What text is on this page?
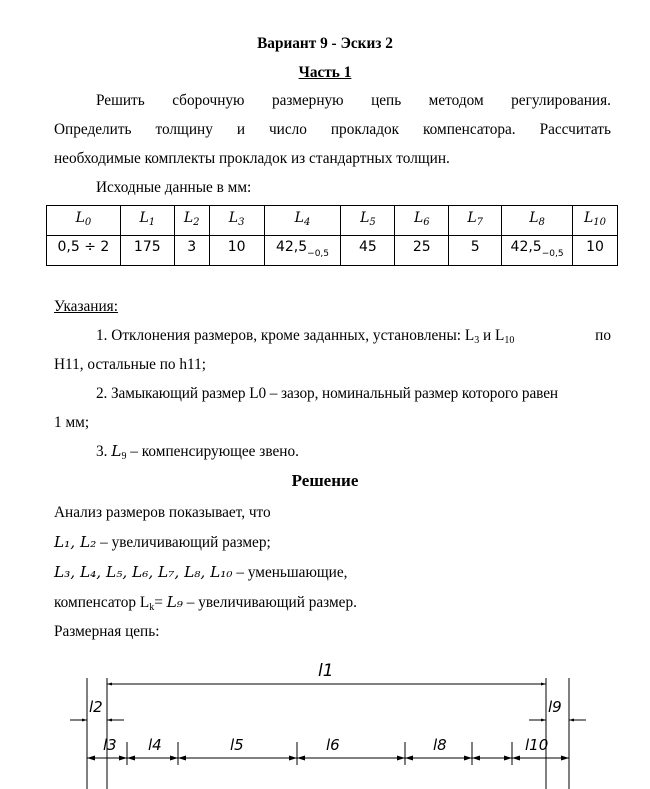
Вариант 9 - Эскиз 2
Часть 1
Решить сборочную размерную цепь методом регулирования.
Определить толщину и число прокладок компенсатора. Рассчитать
необходимые комплекты прокладок из стандартных толщин.
Исходные данные в мм:
$L_0$	$L_1$	$L_2$	$L_3$	$L_4$	$L_5$	$L_6$	$L_7$	$L_8$	$L_{10}$
0,5 ÷ 2	175	3	10	$42,5_{-0,5}$	45	25	5	$42,5_{-0,5}$	10
Указания:
1. Отклонения размеров, кроме заданных, установлены: $L_3$ и $L_{10}$	по
H11, остальные по h11;
2. Замыкающий размер L0 – зазор, номинальный размер которого равен
1 мм;
3. L9 – компенсирующее звено.
Решение
Анализ размеров показывает, что
L₁, L₂ – увеличивающий размер;
L₃, L₄, L₅, L₆, L₇, L₈, L₁₀ – уменьшающие,
компенсатор $L_k= L_9$ – увеличивающий размер.
Размерная цепь:
l1
l2	l9
l3 l4	l5	l6	l8	l10
